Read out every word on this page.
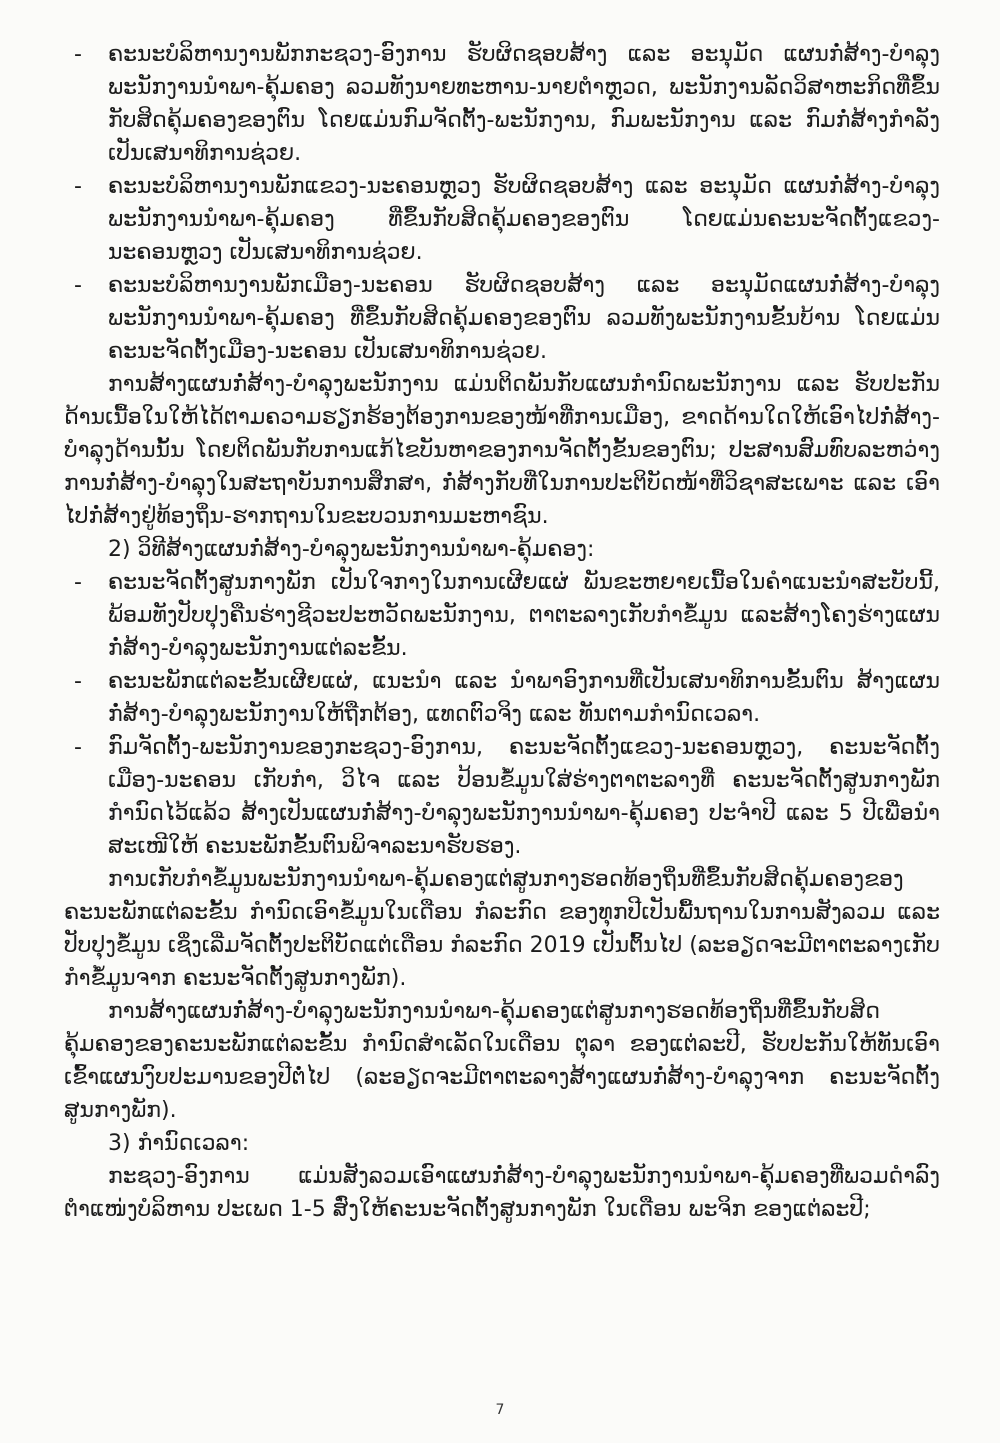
-	ຄະນະບໍລິຫານງານພັກກະຊວງ-ອົງການ ຮັບຜິດຊອບສ້າງ ແລະ ອະນຸມັດ ແຜນກໍ່ສ້າງ-ບຳລຸງພະນັກງານນຳພາ-ຄຸ້ມຄອງ ລວມທັງນາຍທະຫານ-ນາຍຕຳຫຼວດ, ພະນັກງານລັດວິສາຫະກິດທີ່ຂຶ້ນກັບສິດຄຸ້ມຄອງຂອງຕົນ ໂດຍແມ່ນກົມຈັດຕັ້ງ-ພະນັກງານ, ກົມພະນັກງານ ແລະ ກົມກໍ່ສ້າງກຳລັງ ເປັນເສນາທິການຊ່ວຍ.
-	ຄະນະບໍລິຫານງານພັກແຂວງ-ນະຄອນຫຼວງ ຮັບຜິດຊອບສ້າງ ແລະ ອະນຸມັດ ແຜນກໍ່ສ້າງ-ບຳລຸງພະນັກງານນຳພາ-ຄຸ້ມຄອງ ທີ່ຂຶ້ນກັບສິດຄຸ້ມຄອງຂອງຕົນ ໂດຍແມ່ນຄະນະຈັດຕັ້ງແຂວງ-ນະຄອນຫຼວງ ເປັນເສນາທິການຊ່ວຍ.
-	ຄະນະບໍລິຫານງານພັກເມືອງ-ນະຄອນ ຮັບຜິດຊອບສ້າງ ແລະ ອະນຸມັດແຜນກໍ່ສ້າງ-ບຳລຸງພະນັກງານນຳພາ-ຄຸ້ມຄອງ ທີ່ຂຶ້ນກັບສິດຄຸ້ມຄອງຂອງຕົນ ລວມທັງພະນັກງານຂັ້ນບ້ານ ໂດຍແມ່ນຄະນະຈັດຕັ້ງເມືອງ-ນະຄອນ ເປັນເສນາທິການຊ່ວຍ.

ການສ້າງແຜນກໍ່ສ້າງ-ບຳລຸງພະນັກງານ ແມ່ນຕິດພັນກັບແຜນກຳນົດພະນັກງານ ແລະ ຮັບປະກັນດ້ານເນື້ອໃນໃຫ້ໄດ້ຕາມຄວາມຮຽກຮ້ອງຕ້ອງການຂອງໜ້າທີ່ການເມືອງ, ຂາດດ້ານໃດໃຫ້ເອົາໄປກໍ່ສ້າງ-ບຳລຸງດ້ານນັ້ນ ໂດຍຕິດພັນກັບການແກ້ໄຂບັນຫາຂອງການຈັດຕັ້ງຂັ້ນຂອງຕົນ; ປະສານສົມທົບລະຫວ່າງການກໍ່ສ້າງ-ບຳລຸງໃນສະຖາບັນການສຶກສາ, ກໍ່ສ້າງກັບທີ່ໃນການປະຕິບັດໜ້າທີ່ວິຊາສະເພາະ ແລະ ເອົາໄປກໍ່ສ້າງຢູ່ທ້ອງຖິ່ນ-ຮາກຖານໃນຂະບວນການມະຫາຊົນ.

2) ວິທີສ້າງແຜນກໍ່ສ້າງ-ບຳລຸງພະນັກງານນຳພາ-ຄຸ້ມຄອງ:

-	ຄະນະຈັດຕັ້ງສູນກາງພັກ ເປັນໃຈກາງໃນການເຜີຍແຜ່ ພັນຂະຫຍາຍເນື້ອໃນຄຳແນະນຳສະບັບນີ້, ພ້ອມທັງປັບປຸງຄືນຮ່າງຊີວະປະຫວັດພະນັກງານ, ຕາຕະລາງເກັບກຳຂໍ້ມູນ ແລະສ້າງໂຄງຮ່າງແຜນກໍ່ສ້າງ-ບຳລຸງພະນັກງານແຕ່ລະຂັ້ນ.
-	ຄະນະພັກແຕ່ລະຂັ້ນເຜີຍແຜ່, ແນະນຳ ແລະ ນຳພາອົງການທີ່ເປັນເສນາທິການຂັ້ນຕົນ ສ້າງແຜນກໍ່ສ້າງ-ບຳລຸງພະນັກງານໃຫ້ຖືກຕ້ອງ, ແທດຕົວຈິງ ແລະ ທັນຕາມກຳນົດເວລາ.
-	ກົມຈັດຕັ້ງ-ພະນັກງານຂອງກະຊວງ-ອົງການ, ຄະນະຈັດຕັ້ງແຂວງ-ນະຄອນຫຼວງ, ຄະນະຈັດຕັ້ງເມືອງ-ນະຄອນ ເກັບກຳ, ວິໄຈ ແລະ ປ້ອນຂໍ້ມູນໃສ່ຮ່າງຕາຕະລາງທີ່ ຄະນະຈັດຕັ້ງສູນກາງພັກກຳນົດໄວ້ແລ້ວ ສ້າງເປັນແຜນກໍ່ສ້າງ-ບຳລຸງພະນັກງານນຳພາ-ຄຸ້ມຄອງ ປະຈຳປີ ແລະ 5 ປີເພື່ອນຳສະເໜີໃຫ້ ຄະນະພັກຂັ້ນຕົນພິຈາລະນາຮັບຮອງ.

ການເກັບກຳຂໍ້ມູນພະນັກງານນຳພາ-ຄຸ້ມຄອງແຕ່ສູນກາງຮອດທ້ອງຖິ່ນທີ່ຂຶ້ນກັບສິດຄຸ້ມຄອງຂອງຄະນະພັກແຕ່ລະຂັ້ນ ກຳນົດເອົາຂໍ້ມູນໃນເດືອນ ກໍລະກົດ ຂອງທຸກປີເປັນພື້ນຖານໃນການສັງລວມ ແລະ ປັບປຸງຂໍ້ມູນ ເຊິ່ງເລີ່ມຈັດຕັ້ງປະຕິບັດແຕ່ເດືອນ ກໍລະກົດ 2019 ເປັນຕົ້ນໄປ (ລະອຽດຈະມີຕາຕະລາງເກັບກຳຂໍ້ມູນຈາກ ຄະນະຈັດຕັ້ງສູນກາງພັກ).

ການສ້າງແຜນກໍ່ສ້າງ-ບຳລຸງພະນັກງານນຳພາ-ຄຸ້ມຄອງແຕ່ສູນກາງຮອດທ້ອງຖິ່ນທີ່ຂຶ້ນກັບສິດຄຸ້ມຄອງຂອງຄະນະພັກແຕ່ລະຂັ້ນ ກຳນົດສຳເລັດໃນເດືອນ ຕຸລາ ຂອງແຕ່ລະປີ, ຮັບປະກັນໃຫ້ທັນເອົາເຂົ້າແຜນງົບປະມານຂອງປີຕໍ່ໄປ (ລະອຽດຈະມີຕາຕະລາງສ້າງແຜນກໍ່ສ້າງ-ບຳລຸງຈາກ ຄະນະຈັດຕັ້ງສູນກາງພັກ).

3) ກຳນົດເວລາ:

ກະຊວງ-ອົງການ ແມ່ນສັງລວມເອົາແຜນກໍ່ສ້າງ-ບຳລຸງພະນັກງານນຳພາ-ຄຸ້ມຄອງທີ່ພວມດຳລົງຕຳແໜ່ງບໍລິຫານ ປະເພດ 1-5 ສົ່ງໃຫ້ຄະນະຈັດຕັ້ງສູນກາງພັກ ໃນເດືອນ ພະຈິກ ຂອງແຕ່ລະປີ;

7
